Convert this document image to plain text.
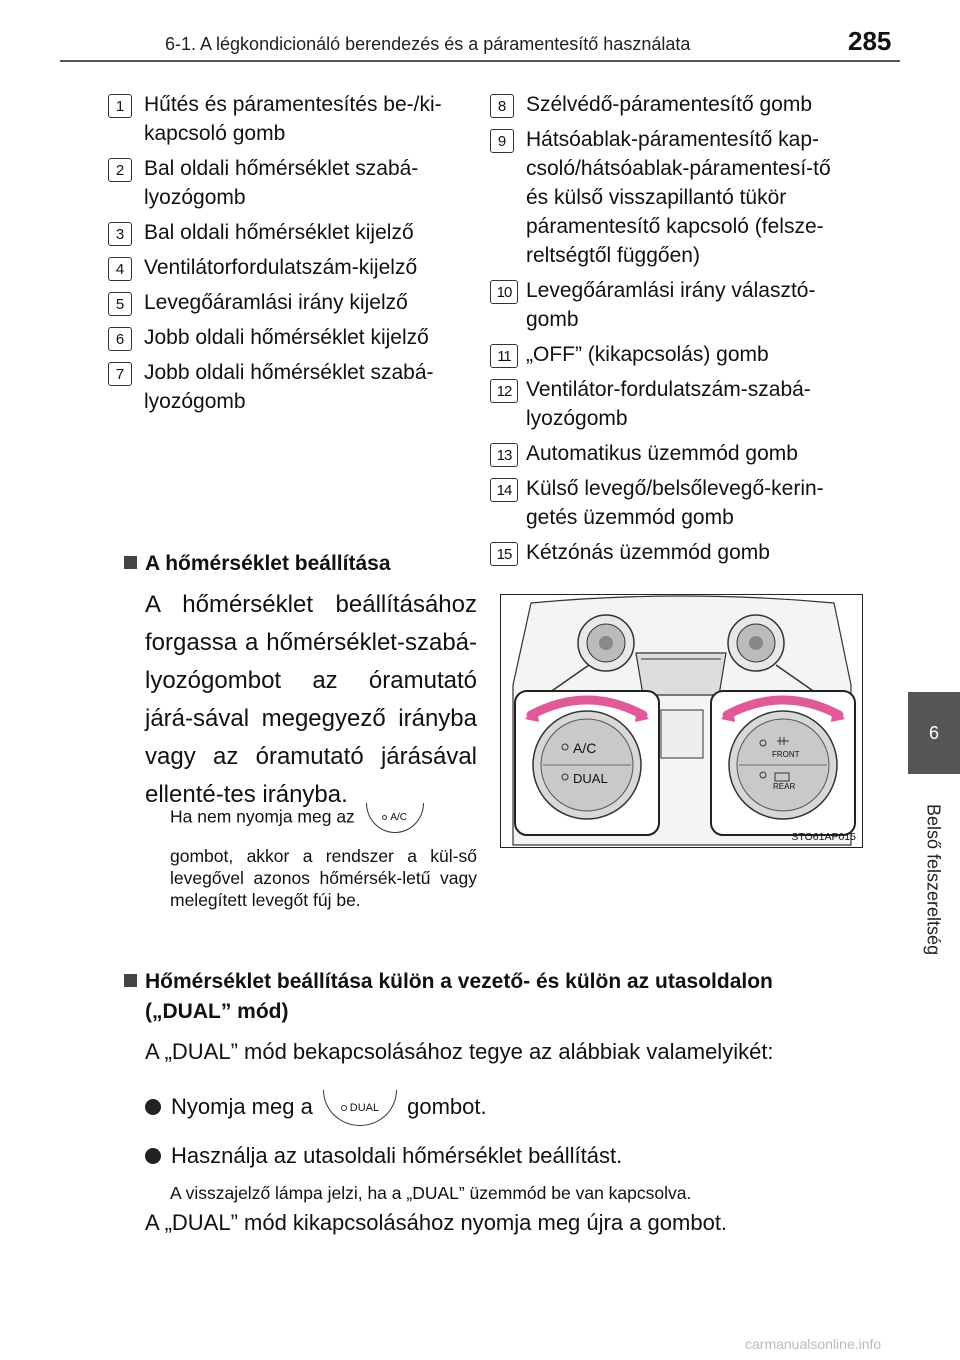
6-1. A légkondicionáló berendezés és a páramentesítő használata	285
6
Belső felszereltség
1 Hűtés és páramentesítés be-/ki-kapcsoló gomb
2 Bal oldali hőmérséklet szabá-lyozógomb
3 Bal oldali hőmérséklet kijelző
4 Ventilátorfordulatszám-kijelző
5 Levegőáramlási irány kijelző
6 Jobb oldali hőmérséklet kijelző
7 Jobb oldali hőmérséklet szabá-lyozógomb
8 Szélvédő-páramentesítő gomb
9 Hátsóablak-páramentesítő kap-csoló/hátsóablak-páramentesí-tő és külső visszapillantó tükör páramentesítő kapcsoló (felsze-reltségtől függően)
10 Levegőáramlási irány választó-gomb
11 „OFF” (kikapcsolás) gomb
12 Ventilátor-fordulatszám-szabá-lyozógomb
13 Automatikus üzemmód gomb
14 Külső levegő/belsőlevegő-kerin-getés üzemmód gomb
15 Kétzónás üzemmód gomb
A hőmérséklet beállítása
A hőmérséklet beállításához forgassa a hőmérséklet-szabá-lyozógombot az óramutató járá-sával megegyező irányba vagy az óramutató járásával ellenté-tes irányba.
Ha nem nyomja meg az	A/C
gombot, akkor a rendszer a kül-ső levegővel azonos hőmérsék-letű vagy melegített levegőt fúj be.
A/C
DUAL
FRONT
REAR
STO61AP015
Hőmérséklet beállítása külön a vezető- és külön az utasoldalon
(„DUAL” mód)
A „DUAL” mód bekapcsolásához tegye az alábbiak valamelyikét:
Nyomja meg a	DUAL gombot.
Használja az utasoldali hőmérséklet beállítást.
A visszajelző lámpa jelzi, ha a „DUAL” üzemmód be van kapcsolva.
A „DUAL” mód kikapcsolásához nyomja meg újra a gombot.
carmanualsonline.info
